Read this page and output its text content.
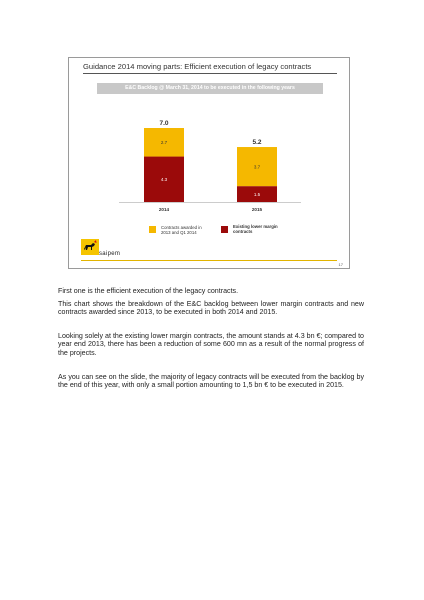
Guidance 2014 moving parts: Efficient execution of legacy contracts
E&C Backlog @ March 31, 2014 to be executed in the following years
4.3
2.7
7.0
2014
1.5
3.7
5.2
2015
Contracts awarded in 2013 and Q1 2014
Existing lower margin contracts
saipem
17
First one is the efficient execution of the legacy contracts.
This chart shows the breakdown of the E&C backlog between lower margin contracts and new contracts awarded since 2013, to be executed in both 2014 and 2015.
Looking solely at the existing lower margin contracts, the amount stands at 4.3 bn €; compared to year end 2013, there has been a reduction of some 600 mn as a result of the normal progress of the projects.
As you can see on the slide, the majority of legacy contracts will be executed from the backlog by the end of this year, with only a small portion amounting to 1,5 bn € to be executed in 2015.
